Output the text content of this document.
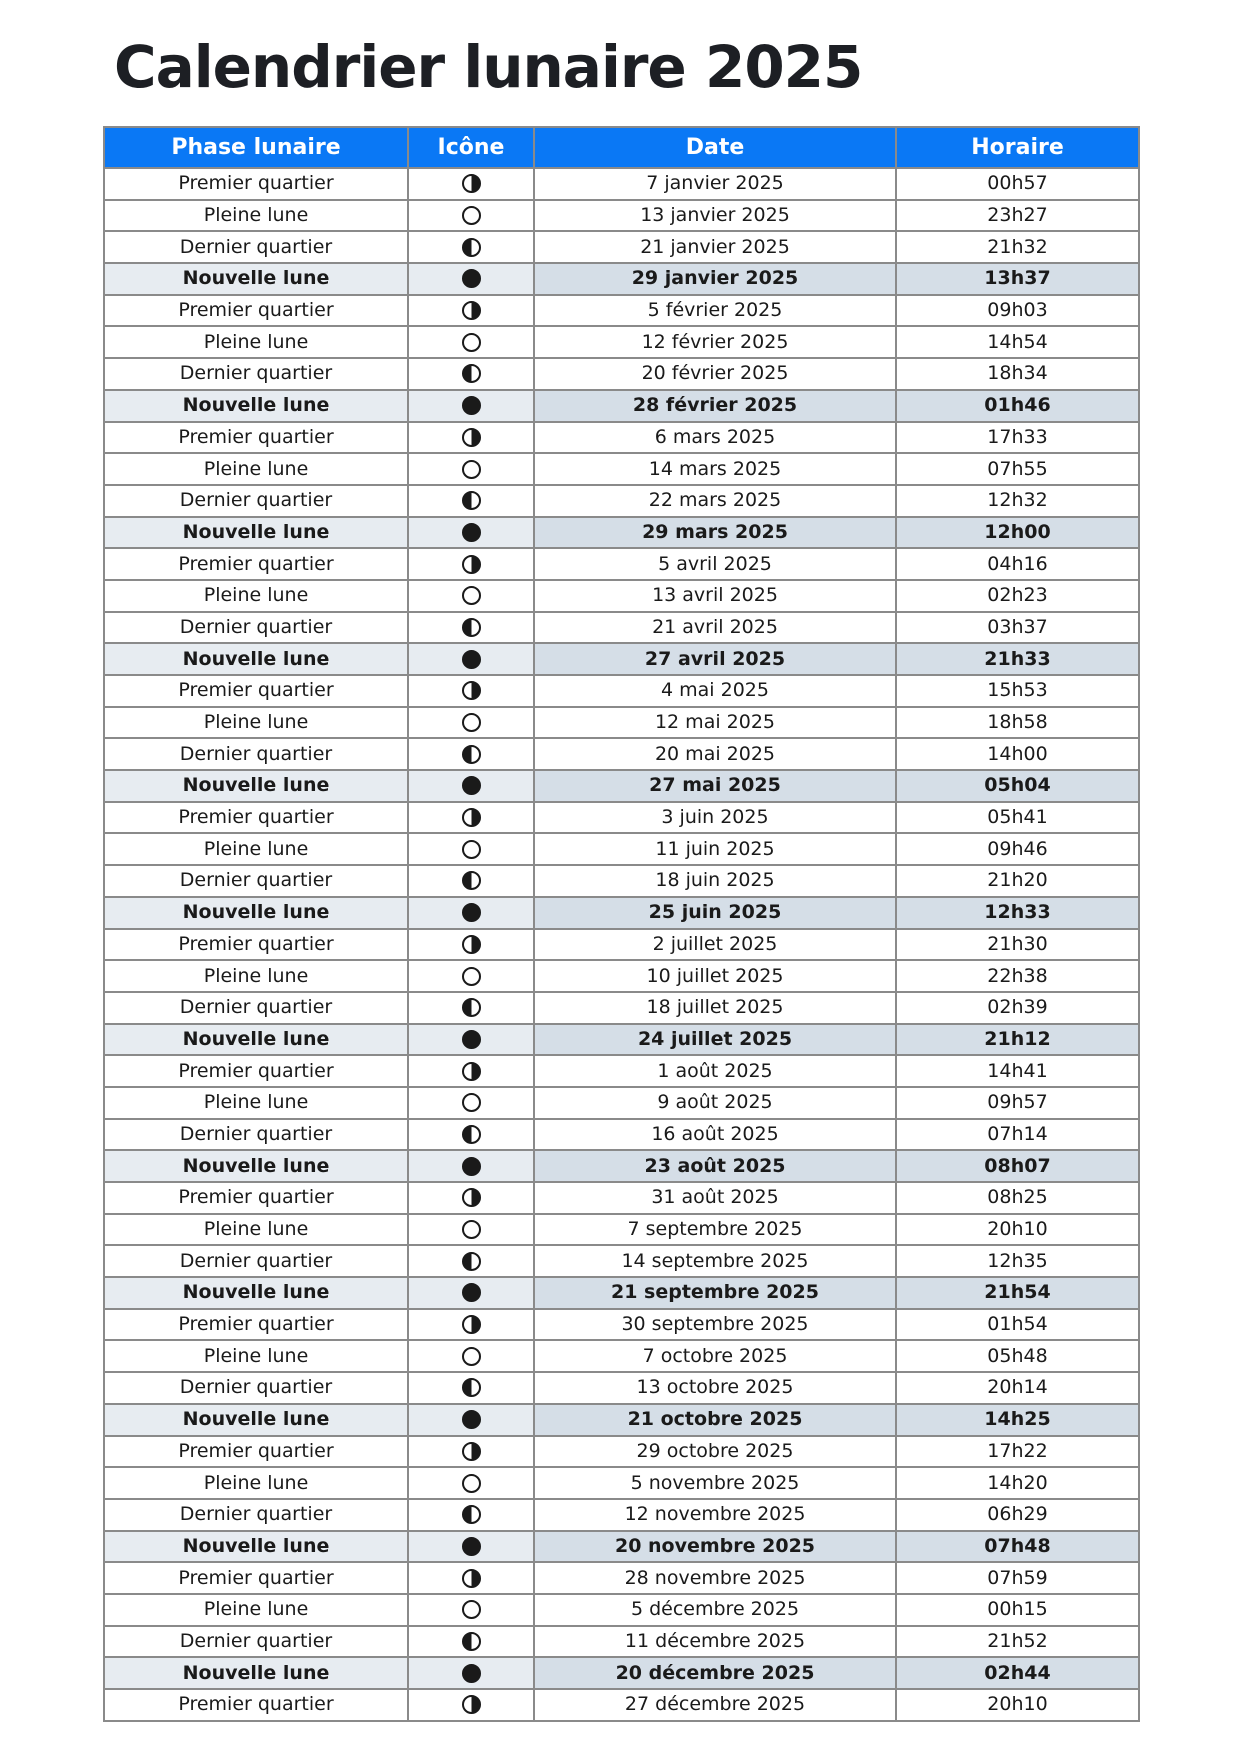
Calendrier lunaire 2025
Phase lunaire	Icône	Date	Horaire
Premier quartier		7 janvier 2025	00h57
Pleine lune		13 janvier 2025	23h27
Dernier quartier		21 janvier 2025	21h32
Nouvelle lune		29 janvier 2025	13h37
Premier quartier		5 février 2025	09h03
Pleine lune		12 février 2025	14h54
Dernier quartier		20 février 2025	18h34
Nouvelle lune		28 février 2025	01h46
Premier quartier		6 mars 2025	17h33
Pleine lune		14 mars 2025	07h55
Dernier quartier		22 mars 2025	12h32
Nouvelle lune		29 mars 2025	12h00
Premier quartier		5 avril 2025	04h16
Pleine lune		13 avril 2025	02h23
Dernier quartier		21 avril 2025	03h37
Nouvelle lune		27 avril 2025	21h33
Premier quartier		4 mai 2025	15h53
Pleine lune		12 mai 2025	18h58
Dernier quartier		20 mai 2025	14h00
Nouvelle lune		27 mai 2025	05h04
Premier quartier		3 juin 2025	05h41
Pleine lune		11 juin 2025	09h46
Dernier quartier		18 juin 2025	21h20
Nouvelle lune		25 juin 2025	12h33
Premier quartier		2 juillet 2025	21h30
Pleine lune		10 juillet 2025	22h38
Dernier quartier		18 juillet 2025	02h39
Nouvelle lune		24 juillet 2025	21h12
Premier quartier		1 août 2025	14h41
Pleine lune		9 août 2025	09h57
Dernier quartier		16 août 2025	07h14
Nouvelle lune		23 août 2025	08h07
Premier quartier		31 août 2025	08h25
Pleine lune		7 septembre 2025	20h10
Dernier quartier		14 septembre 2025	12h35
Nouvelle lune		21 septembre 2025	21h54
Premier quartier		30 septembre 2025	01h54
Pleine lune		7 octobre 2025	05h48
Dernier quartier		13 octobre 2025	20h14
Nouvelle lune		21 octobre 2025	14h25
Premier quartier		29 octobre 2025	17h22
Pleine lune		5 novembre 2025	14h20
Dernier quartier		12 novembre 2025	06h29
Nouvelle lune		20 novembre 2025	07h48
Premier quartier		28 novembre 2025	07h59
Pleine lune		5 décembre 2025	00h15
Dernier quartier		11 décembre 2025	21h52
Nouvelle lune		20 décembre 2025	02h44
Premier quartier		27 décembre 2025	20h10
